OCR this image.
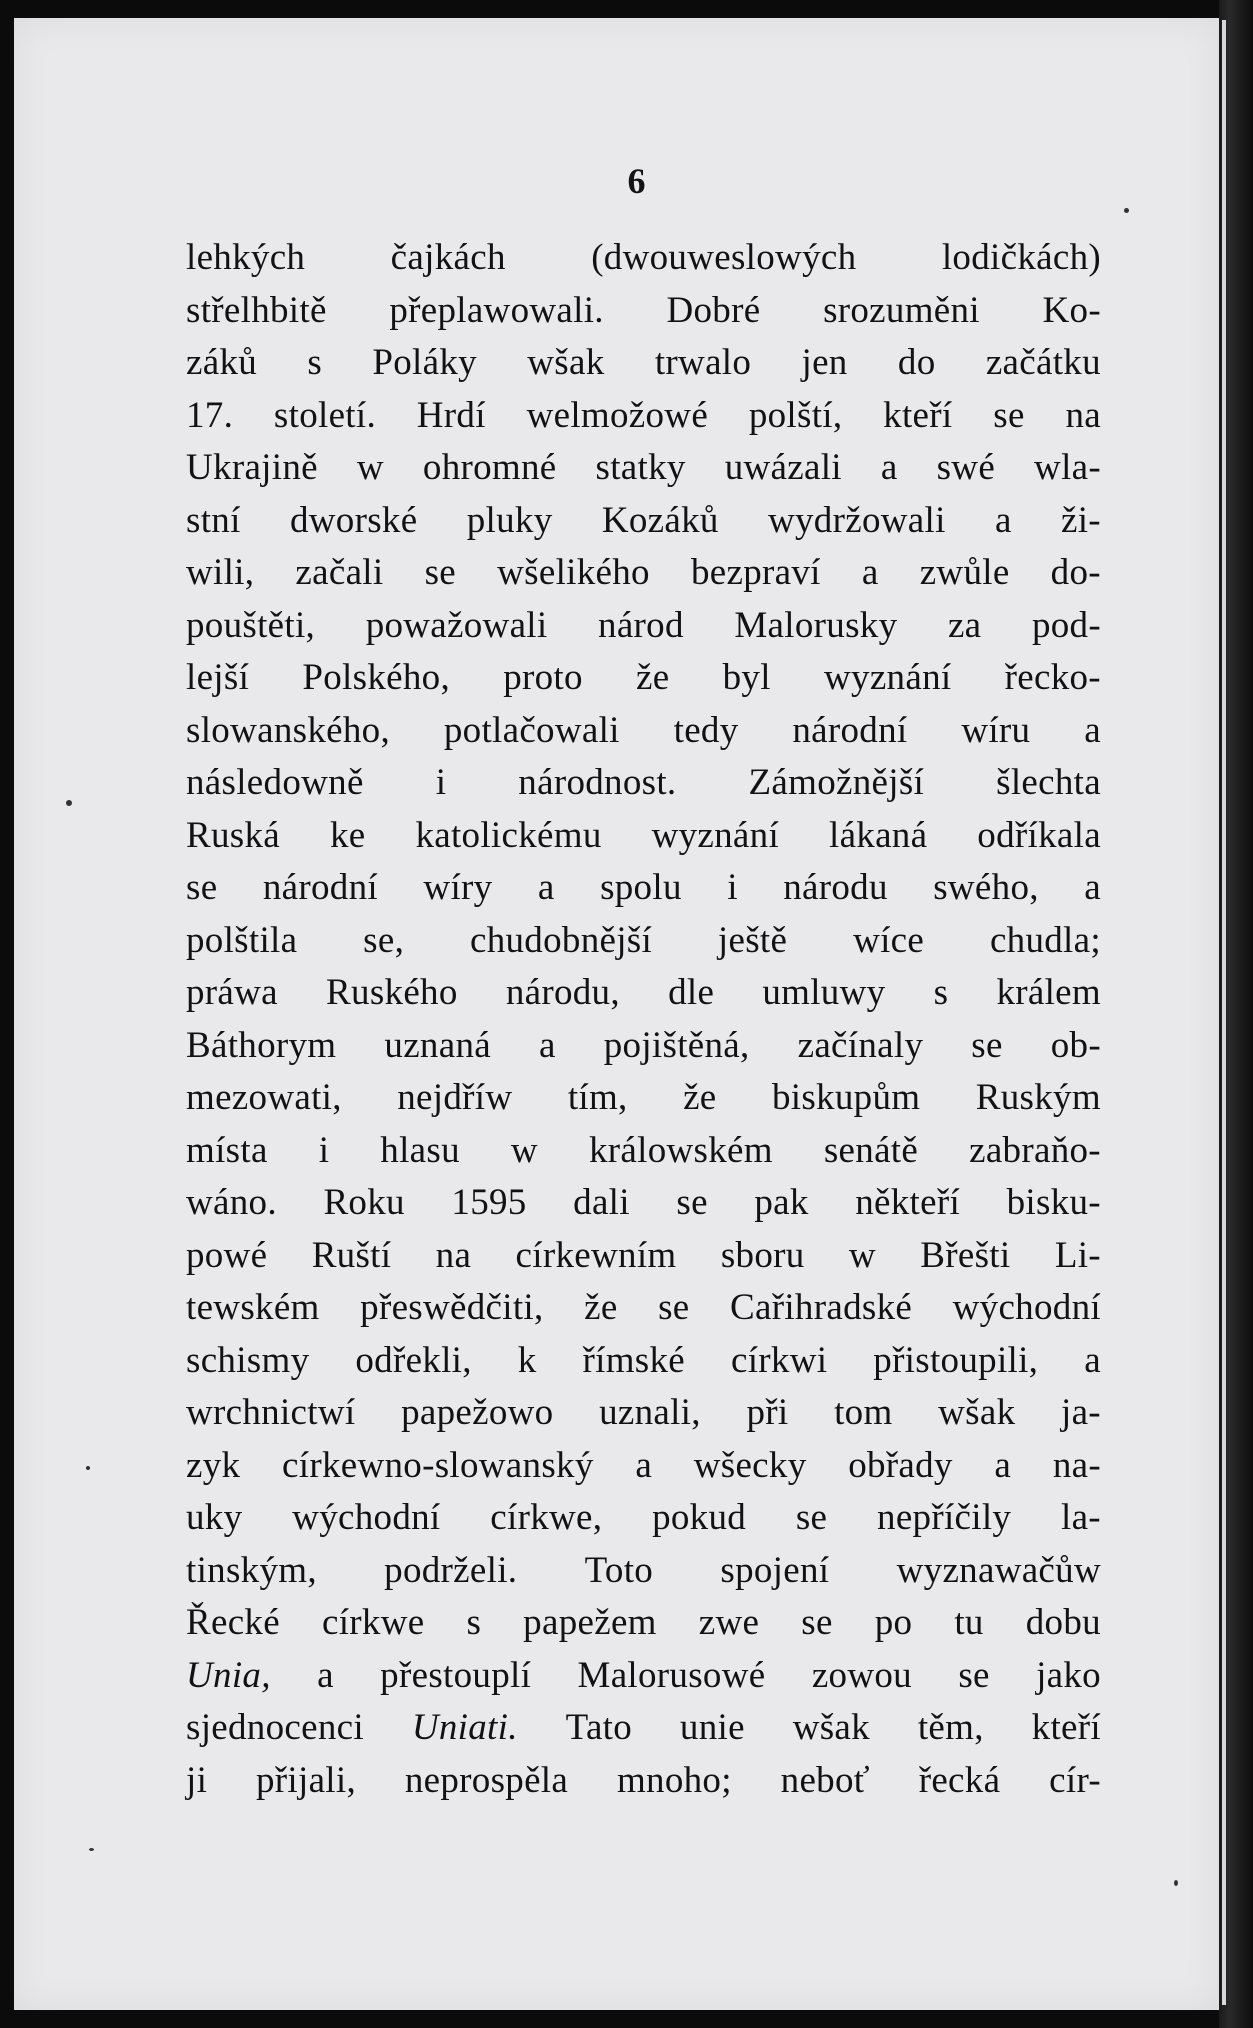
6
lehkých čajkách (dwouweslowých lodičkách)
střelhbitě přeplawowali. Dobré srozuměni Ko-
záků s Poláky wšak trwalo jen do začátku
17. století. Hrdí welmožowé polští, kteří se na
Ukrajině w ohromné statky uwázali a swé wla-
stní dworské pluky Kozáků wydržowali a ži-
wili, začali se wšelikého bezpraví a zwůle do-
pouštěti, powažowali národ Malorusky za pod-
lejší Polského, proto že byl wyznání řecko-
slowanského, potlačowali tedy národní wíru a
následowně i národnost. Zámožnější šlechta
Ruská ke katolickému wyznání lákaná odříkala
se národní wíry a spolu i národu swého, a
polštila se, chudobnější ještě wíce chudla;
práwa Ruského národu, dle umluwy s králem
Báthorym uznaná a pojištěná, začínaly se ob-
mezowati, nejdříw tím, že biskupům Ruským
místa i hlasu w králowském senátě zabraňo-
wáno. Roku 1595 dali se pak někteří bisku-
powé Ruští na církewním sboru w Břešti Li-
tewském přeswědčiti, že se Cařihradské wýchodní
schismy odřekli, k římské církwi přistoupili, a
wrchnictwí papežowo uznali, při tom wšak ja-
zyk církewno-slowanský a wšecky obřady a na-
uky wýchodní církwe, pokud se nepříčily la-
tinským, podrželi. Toto spojení wyznawačůw
Řecké církwe s papežem zwe se po tu dobu
Unia, a přestouplí Malorusowé zowou se jako
sjednocenci Uniati. Tato unie wšak těm, kteří
ji přijali, neprospěla mnoho; neboť řecká cír-
